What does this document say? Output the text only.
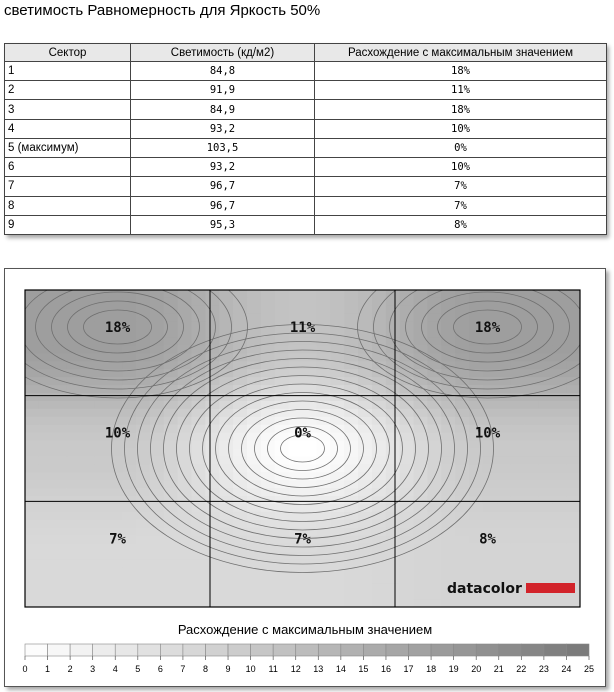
светимость Равномерность для Яркость 50%
Сектор	Светимость (кд/м2)	Расхождение с максимальным значением
1	84,8	18%
2	91,9	11%
3	84,9	18%
4	93,2	10%
5 (максимум)	103,5	0%
6	93,2	10%
7	96,7	7%
8	96,7	7%
9	95,3	8%
18%	11%	18%
10%	0%	10%
7%	7%	8%
datacolor
0 1 2 3 4 5 6 7 8 9 10 11 12 13 14 15 16 17 18 19 20 21 22 23 24 25
Расхождение с максимальным значением
